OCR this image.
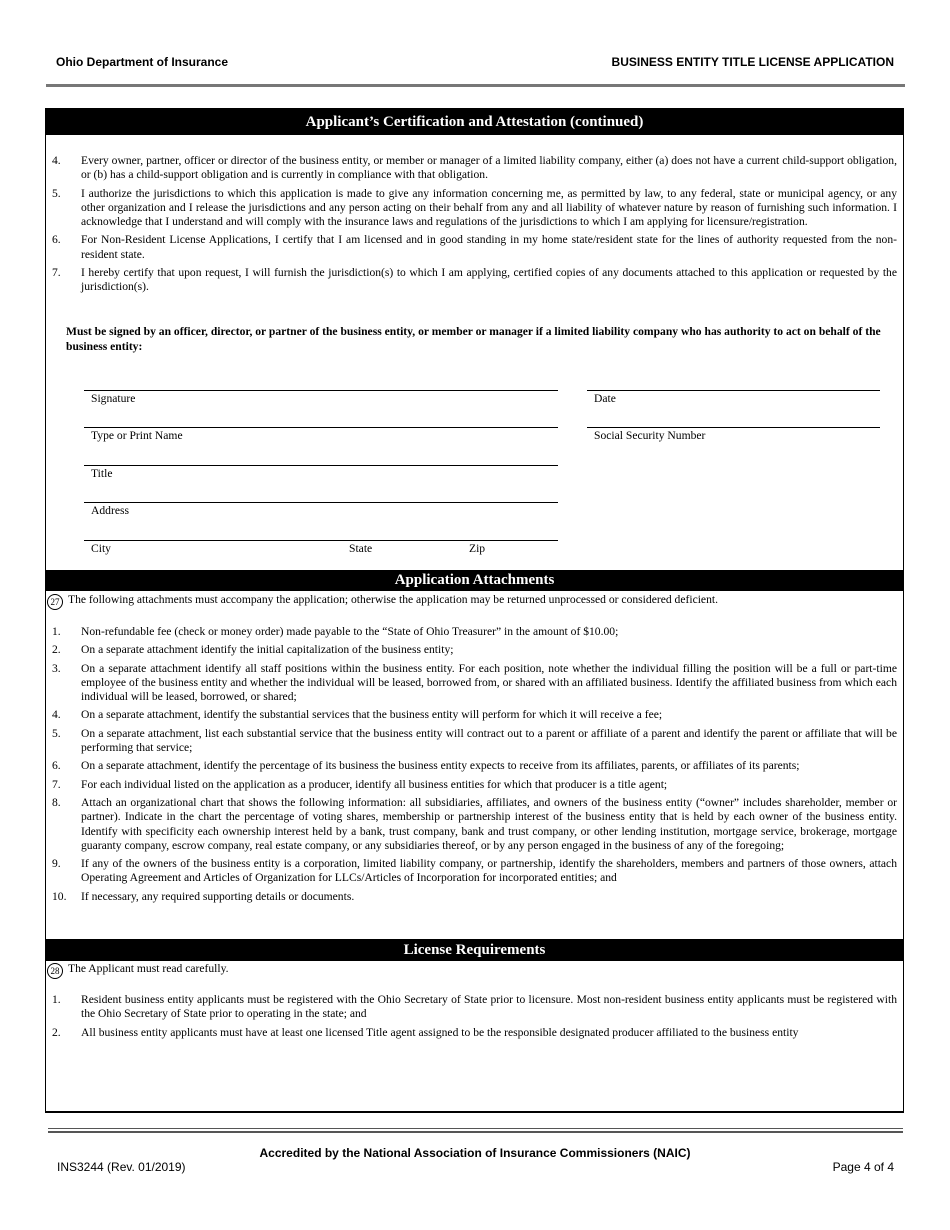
Ohio Department of Insurance	BUSINESS ENTITY TITLE LICENSE APPLICATION
Applicant’s Certification and Attestation (continued)
4. Every owner, partner, officer or director of the business entity, or member or manager of a limited liability company, either (a) does not have a current child-support obligation, or (b) has a child-support obligation and is currently in compliance with that obligation.
5. I authorize the jurisdictions to which this application is made to give any information concerning me, as permitted by law, to any federal, state or municipal agency, or any other organization and I release the jurisdictions and any person acting on their behalf from any and all liability of whatever nature by reason of furnishing such information. I acknowledge that I understand and will comply with the insurance laws and regulations of the jurisdictions to which I am applying for licensure/registration.
6. For Non-Resident License Applications, I certify that I am licensed and in good standing in my home state/resident state for the lines of authority requested from the non-resident state.
7. I hereby certify that upon request, I will furnish the jurisdiction(s) to which I am applying, certified copies of any documents attached to this application or requested by the jurisdiction(s).
Must be signed by an officer, director, or partner of the business entity, or member or manager if a limited liability company who has authority to act on behalf of the business entity:
Signature	Date
Type or Print Name	Social Security Number
Title
Address
City	State	Zip
Application Attachments
27 The following attachments must accompany the application; otherwise the application may be returned unprocessed or considered deficient.
1. Non-refundable fee (check or money order) made payable to the “State of Ohio Treasurer” in the amount of $10.00;
2. On a separate attachment identify the initial capitalization of the business entity;
3. On a separate attachment identify all staff positions within the business entity. For each position, note whether the individual filling the position will be a full or part-time employee of the business entity and whether the individual will be leased, borrowed from, or shared with an affiliated business. Identify the affiliated business from which each individual will be leased, borrowed, or shared;
4. On a separate attachment, identify the substantial services that the business entity will perform for which it will receive a fee;
5. On a separate attachment, list each substantial service that the business entity will contract out to a parent or affiliate of a parent and identify the parent or affiliate that will be performing that service;
6. On a separate attachment, identify the percentage of its business the business entity expects to receive from its affiliates, parents, or affiliates of its parents;
7. For each individual listed on the application as a producer, identify all business entities for which that producer is a title agent;
8. Attach an organizational chart that shows the following information: all subsidiaries, affiliates, and owners of the business entity (“owner” includes shareholder, member or partner). Indicate in the chart the percentage of voting shares, membership or partnership interest of the business entity that is held by each owner of the business entity. Identify with specificity each ownership interest held by a bank, trust company, bank and trust company, or other lending institution, mortgage service, brokerage, mortgage guaranty company, escrow company, real estate company, or any subsidiaries thereof, or by any person engaged in the business of any of the foregoing;
9. If any of the owners of the business entity is a corporation, limited liability company, or partnership, identify the shareholders, members and partners of those owners, attach Operating Agreement and Articles of Organization for LLCs/Articles of Incorporation for incorporated entities; and
10. If necessary, any required supporting details or documents.
License Requirements
28 The Applicant must read carefully.
1. Resident business entity applicants must be registered with the Ohio Secretary of State prior to licensure. Most non-resident business entity applicants must be registered with the Ohio Secretary of State prior to operating in the state; and
2. All business entity applicants must have at least one licensed Title agent assigned to be the responsible designated producer affiliated to the business entity
Accredited by the National Association of Insurance Commissioners (NAIC)
INS3244 (Rev. 01/2019)	Page 4 of 4
